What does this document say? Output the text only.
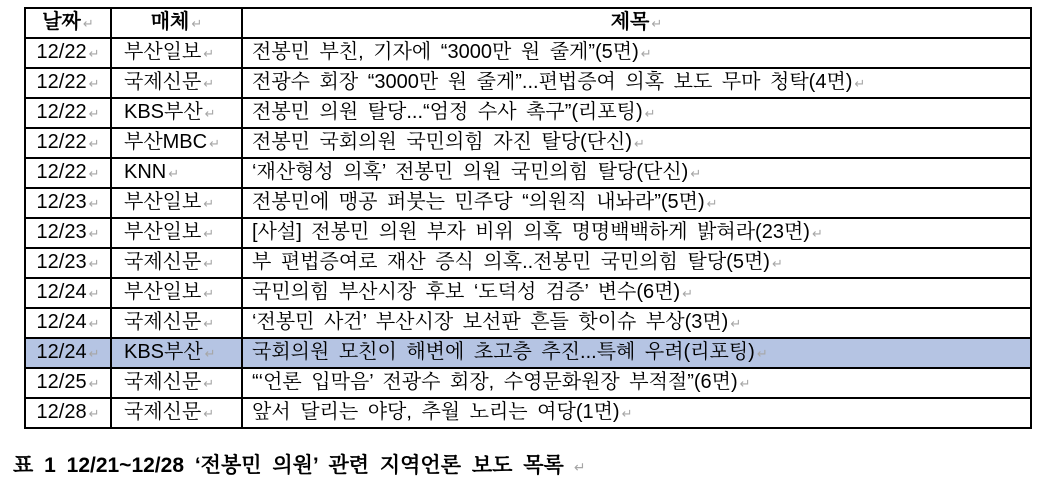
날짜 ↵	매체 ↵	제목 ↵
12/22 ↵	부산일보 ↵	전봉민 부친, 기자에 “3000만 원 줄게”(5면) ↵
12/22 ↵	국제신문 ↵	전광수 회장 “3000만 원 줄게”...편법증여 의혹 보도 무마 청탁(4면) ↵
12/22 ↵	KBS부산 ↵	전봉민 의원 탈당...“엄정 수사 촉구”(리포팅) ↵
12/22 ↵	부산MBC ↵	전봉민 국회의원 국민의힘 자진 탈당(단신) ↵
12/22 ↵	KNN ↵	‘재산형성 의혹’ 전봉민 의원 국민의힘 탈당(단신) ↵
12/23 ↵	부산일보 ↵	전봉민에 맹공 퍼붓는 민주당 “의원직 내놔라”(5면) ↵
12/23 ↵	부산일보 ↵	[사설] 전봉민 의원 부자 비위 의혹 명명백백하게 밝혀라(23면) ↵
12/23 ↵	국제신문 ↵	부 편법증여로 재산 증식 의혹..전봉민 국민의힘 탈당(5면) ↵
12/24 ↵	부산일보 ↵	국민의힘 부산시장 후보 ‘도덕성 검증’ 변수(6면) ↵
12/24 ↵	국제신문 ↵	‘전봉민 사건’ 부산시장 보선판 흔들 핫이슈 부상(3면) ↵
12/24 ↵	KBS부산 ↵	국회의원 모친이 해변에 초고층 추진...특혜 우려(리포팅) ↵
12/25 ↵	국제신문 ↵	“‘언론 입막음’ 전광수 회장, 수영문화원장 부적절”(6면) ↵
12/28 ↵	국제신문 ↵	앞서 달리는 야당, 추월 노리는 여당(1면) ↵
표 1 12/21~12/28 ‘전봉민 의원’ 관련 지역언론 보도 목록 ↵
